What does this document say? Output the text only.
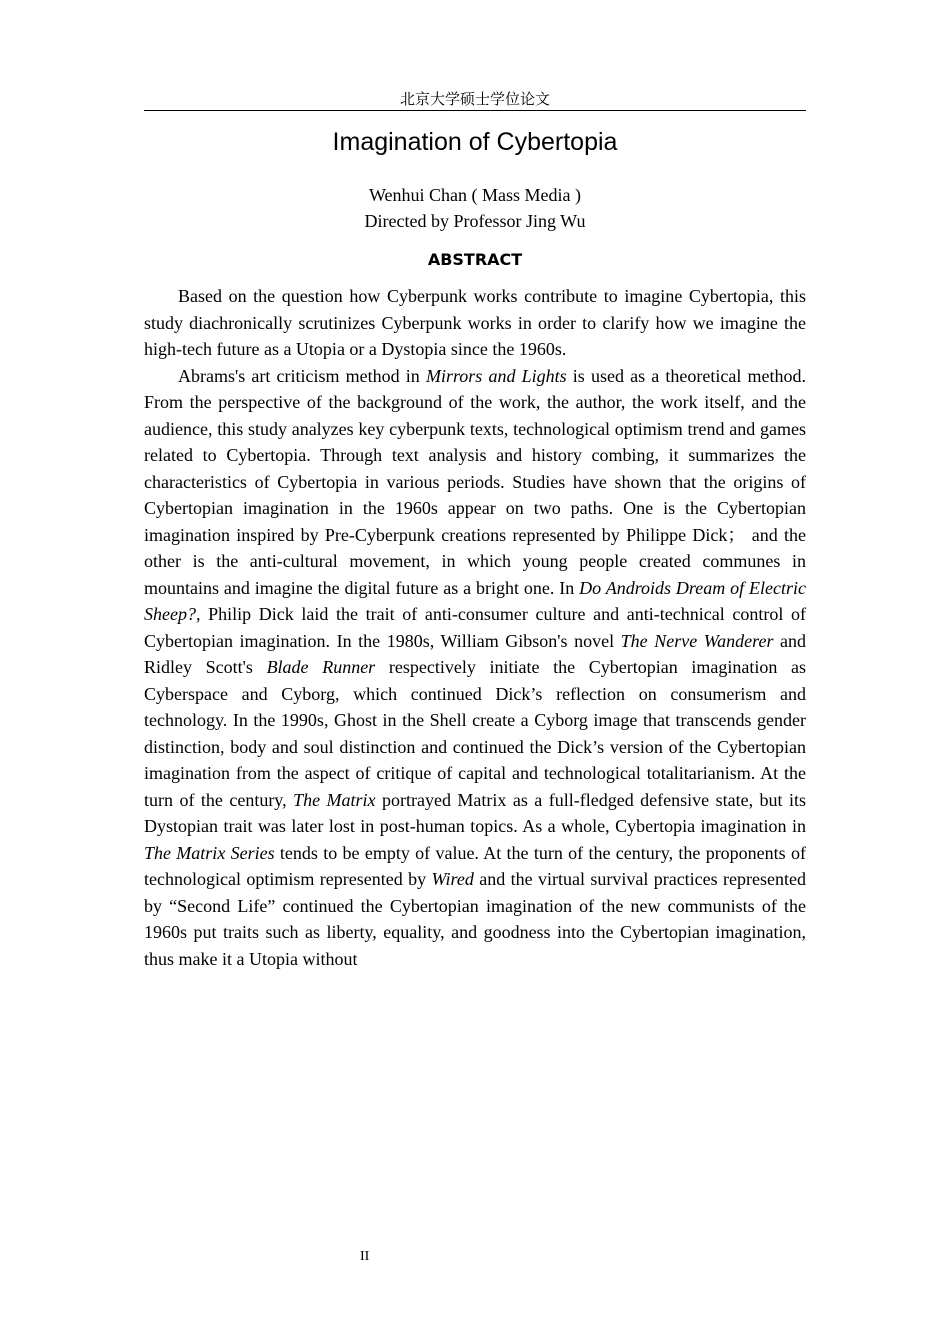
北京大学硕士学位论文
Imagination of Cybertopia
Wenhui Chan ( Mass Media )
Directed by Professor Jing Wu
ABSTRACT

Based on the question how Cyberpunk works contribute to imagine Cybertopia, this study diachronically scrutinizes Cyberpunk works in order to clarify how we imagine the high-tech future as a Utopia or a Dystopia since the 1960s.

Abrams's art criticism method in Mirrors and Lights is used as a theoretical method. From the perspective of the background of the work, the author, the work itself, and the audience, this study analyzes key cyberpunk texts, technological optimism trend and games related to Cybertopia. Through text analysis and history combing, it summarizes the characteristics of Cybertopia in various periods. Studies have shown that the origins of Cybertopian imagination in the 1960s appear on two paths. One is the Cybertopian imagination inspired by Pre-Cyberpunk creations represented by Philippe Dick； and the other is the anti-cultural movement, in which young people created communes in mountains and imagine the digital future as a bright one. In Do Androids Dream of Electric Sheep?, Philip Dick laid the trait of anti-consumer culture and anti-technical control of Cybertopian imagination. In the 1980s, William Gibson's novel The Nerve Wanderer and Ridley Scott's Blade Runner respectively initiate the Cybertopian imagination as Cyberspace and Cyborg, which continued Dick’s reflection on consumerism and technology. In the 1990s, Ghost in the Shell create a Cyborg image that transcends gender distinction, body and soul distinction and continued the Dick’s version of the Cybertopian imagination from the aspect of critique of capital and technological totalitarianism. At the turn of the century, The Matrix portrayed Matrix as a full-fledged defensive state, but its Dystopian trait was later lost in post-human topics. As a whole, Cybertopia imagination in The Matrix Series tends to be empty of value. At the turn of the century, the proponents of technological optimism represented by Wired and the virtual survival practices represented by “Second Life” continued the Cybertopian imagination of the new communists of the 1960s put traits such as liberty, equality, and goodness into the Cybertopian imagination, thus make it a Utopia without

II
